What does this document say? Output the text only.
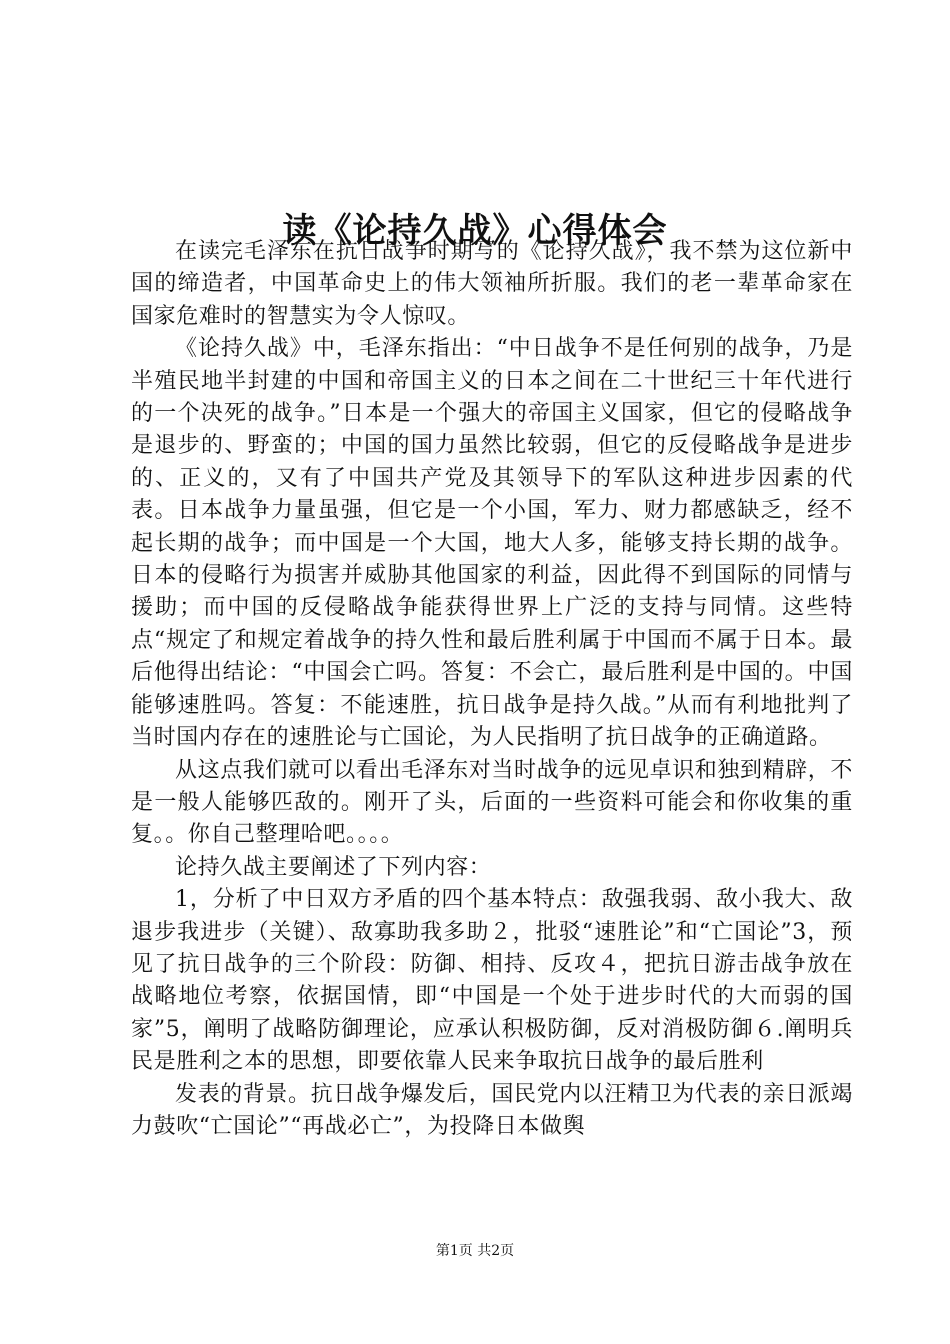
读《论持久战》心得体会

在读完毛泽东在抗日战争时期写的《论持久战》，我不禁为这位新中国的缔造者，中国革命史上的伟大领袖所折服。我们的老一辈革命家在国家危难时的智慧实为令人惊叹。

《论持久战》中，毛泽东指出：“中日战争不是任何别的战争，乃是半殖民地半封建的中国和帝国主义的日本之间在二十世纪三十年代进行的一个决死的战争。”日本是一个强大的帝国主义国家，但它的侵略战争是退步的、野蛮的；中国的国力虽然比较弱，但它的反侵略战争是进步的、正义的，又有了中国共产党及其领导下的军队这种进步因素的代表。日本战争力量虽强，但它是一个小国，军力、财力都感缺乏，经不起长期的战争；而中国是一个大国，地大人多，能够支持长期的战争。日本的侵略行为损害并威胁其他国家的利益，因此得不到国际的同情与援助；而中国的反侵略战争能获得世界上广泛的支持与同情。这些特点“规定了和规定着战争的持久性和最后胜利属于中国而不属于日本。最后他得出结论：“中国会亡吗。答复：不会亡，最后胜利是中国的。中国能够速胜吗。答复：不能速胜，抗日战争是持久战。”从而有利地批判了当时国内存在的速胜论与亡国论，为人民指明了抗日战争的正确道路。

从这点我们就可以看出毛泽东对当时战争的远见卓识和独到精辟，不是一般人能够匹敌的。刚开了头，后面的一些资料可能会和你收集的重复。。你自己整理哈吧。。。。

论持久战主要阐述了下列内容：

1，分析了中日双方矛盾的四个基本特点：敌强我弱、敌小我大、敌退步我进步（关键）、敌寡助我多助２，批驳“速胜论”和“亡国论”3，预见了抗日战争的三个阶段：防御、相持、反攻４，把抗日游击战争放在战略地位考察，依据国情，即“中国是一个处于进步时代的大而弱的国家”5，阐明了战略防御理论，应承认积极防御，反对消极防御６.阐明兵民是胜利之本的思想，即要依靠人民来争取抗日战争的最后胜利

发表的背景。抗日战争爆发后，国民党内以汪精卫为代表的亲日派竭力鼓吹“亡国论”“再战必亡”，为投降日本做舆

第1页 共2页
